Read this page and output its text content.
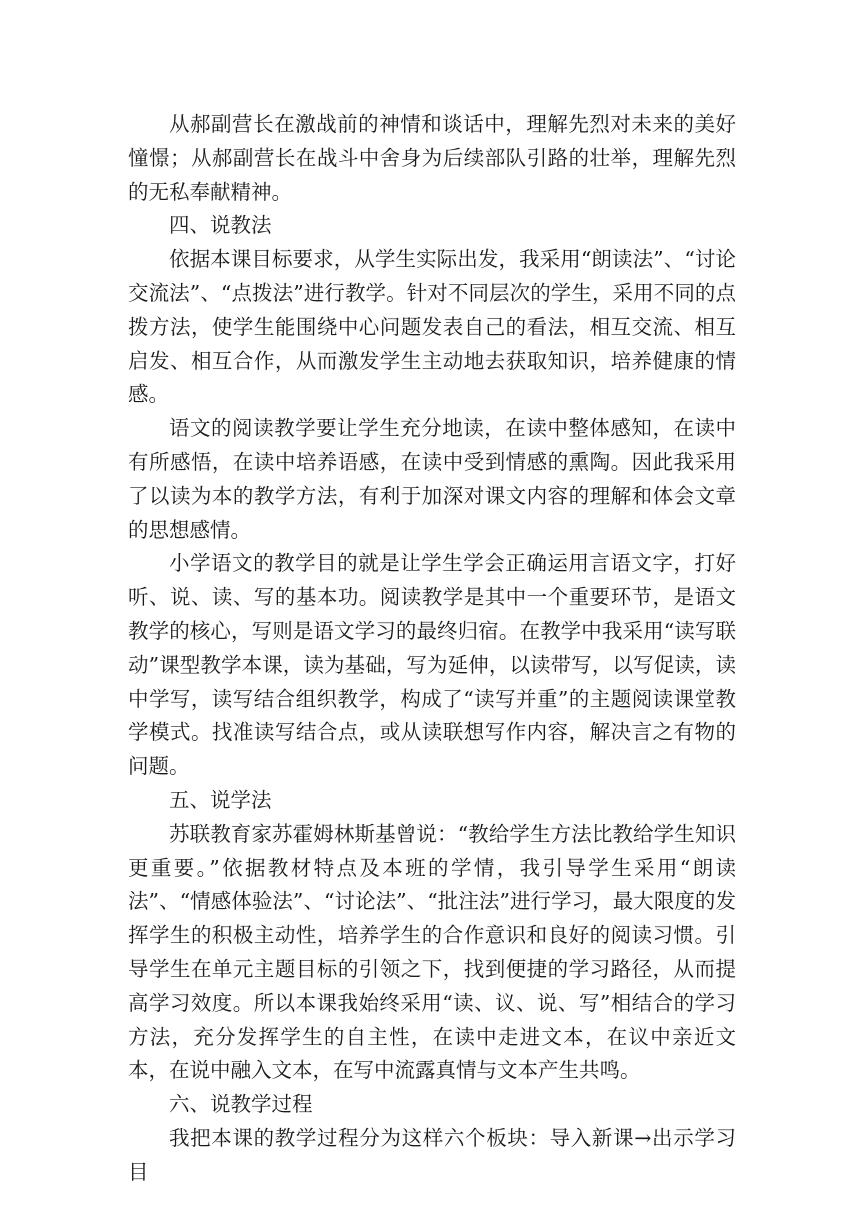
从郝副营长在激战前的神情和谈话中，理解先烈对未来的美好憧憬；从郝副营长在战斗中舍身为后续部队引路的壮举，理解先烈的无私奉献精神。

四、说教法

依据本课目标要求，从学生实际出发，我采用“朗读法”、“讨论交流法”、“点拨法”进行教学。针对不同层次的学生，采用不同的点拨方法，使学生能围绕中心问题发表自己的看法，相互交流、相互启发、相互合作，从而激发学生主动地去获取知识，培养健康的情感。

语文的阅读教学要让学生充分地读，在读中整体感知，在读中有所感悟，在读中培养语感，在读中受到情感的熏陶。因此我采用了以读为本的教学方法，有利于加深对课文内容的理解和体会文章的思想感情。

小学语文的教学目的就是让学生学会正确运用言语文字，打好听、说、读、写的基本功。阅读教学是其中一个重要环节，是语文教学的核心，写则是语文学习的最终归宿。在教学中我采用“读写联动”课型教学本课，读为基础，写为延伸，以读带写，以写促读，读中学写，读写结合组织教学，构成了“读写并重”的主题阅读课堂教学模式。找准读写结合点，或从读联想写作内容，解决言之有物的问题。

五、说学法

苏联教育家苏霍姆林斯基曾说：“教给学生方法比教给学生知识更重要。”依据教材特点及本班的学情，我引导学生采用“朗读法”、“情感体验法”、“讨论法”、“批注法”进行学习，最大限度的发挥学生的积极主动性，培养学生的合作意识和良好的阅读习惯。引导学生在单元主题目标的引领之下，找到便捷的学习路径，从而提高学习效度。所以本课我始终采用“读、议、说、写”相结合的学习方法，充分发挥学生的自主性，在读中走进文本，在议中亲近文本，在说中融入文本，在写中流露真情与文本产生共鸣。

六、说教学过程

我把本课的教学过程分为这样六个板块：导入新课→出示学习目
